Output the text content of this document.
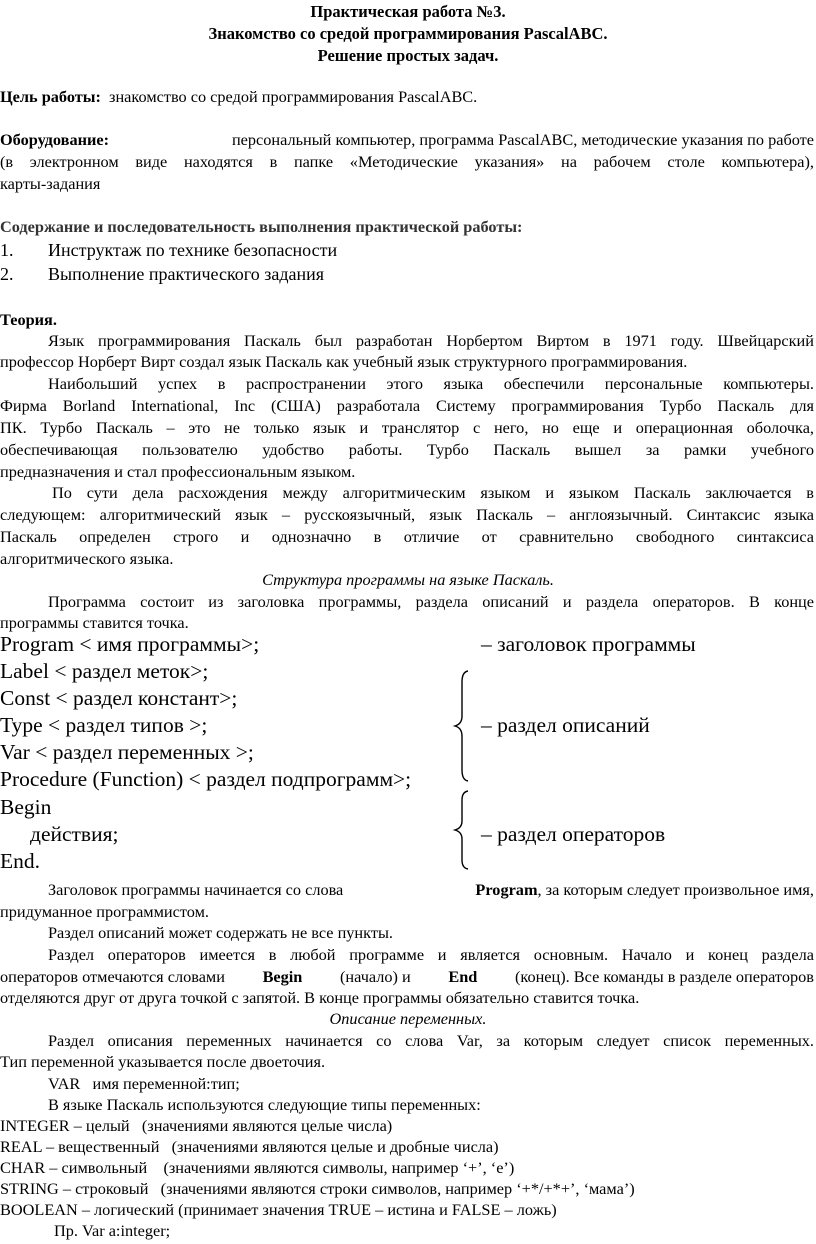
Практическая работа №3.
Знакомство со средой программирования PascalABC.
Решение простых задач.
Цель работы: знакомство со средой программирования PascalABC.
Оборудование:	персональный компьютер, программа PascalABC, методические указания по работе
(в электронном виде находятся в папке «Методические указания» на рабочем столе компьютера),
карты-задания
Содержание и последовательность выполнения практической работы:
1. Инструктаж по технике безопасности
2. Выполнение практического задания
Теория.
Язык программирования Паскаль был разработан Норбертом Виртом в 1971 году. Швейцарский
профессор Норберт Вирт создал язык Паскаль как учебный язык структурного программирования.
Наибольший успех в распространении этого языка обеспечили персональные компьютеры.
Фирма Borland International, Inc (США) разработала Систему программирования Турбо Паскаль для
ПК. Турбо Паскаль – это не только язык и транслятор с него, но еще и операционная оболочка,
обеспечивающая пользователю удобство работы. Турбо Паскаль вышел за рамки учебного
предназначения и стал профессиональным языком.
По сути дела расхождения между алгоритмическим языком и языком Паскаль заключается в
следующем: алгоритмический язык – русскоязычный, язык Паскаль – англоязычный. Синтаксис языка
Паскаль определен строго и однозначно в отличие от сравнительно свободного синтаксиса
алгоритмического языка.
Структура программы на языке Паскаль.
Программа состоит из заголовка программы, раздела описаний и раздела операторов. В конце
программы ставится точка.
Program < имя программы>;	– заголовок программы
Label < раздел меток>;
Const < раздел констант>;
Type < раздел типов >;	– раздел описаний
Var < раздел переменных >;
Procedure (Function) < раздел подпрограмм>;
Begin
действия;	– раздел операторов
End.
Заголовок программы начинается со слова	Program, за которым следует произвольное имя,
придуманное программистом.
Раздел описаний может содержать не все пункты.
Раздел операторов имеется в любой программе и является основным. Начало и конец раздела
операторов отмечаются словами Begin (начало) и End (конец). Все команды в разделе операторов
отделяются друг от друга точкой с запятой. В конце программы обязательно ставится точка.
Описание переменных.
Раздел описания переменных начинается со слова Var, за которым следует список переменных.
Тип переменной указывается после двоеточия.
VAR   имя переменной:тип;
В языке Паскаль используются следующие типы переменных:
INTEGER – целый   (значениями являются целые числа)
REAL – вещественный   (значениями являются целые и дробные числа)
CHAR – символьный    (значениями являются символы, например ‘+’, ‘е’)
STRING – строковый   (значениями являются строки символов, например ‘+*/+*+’, ‘мама’)
BOOLEAN – логический (принимает значения TRUE – истина и FALSE – ложь)
Пр. Var a:integer;
